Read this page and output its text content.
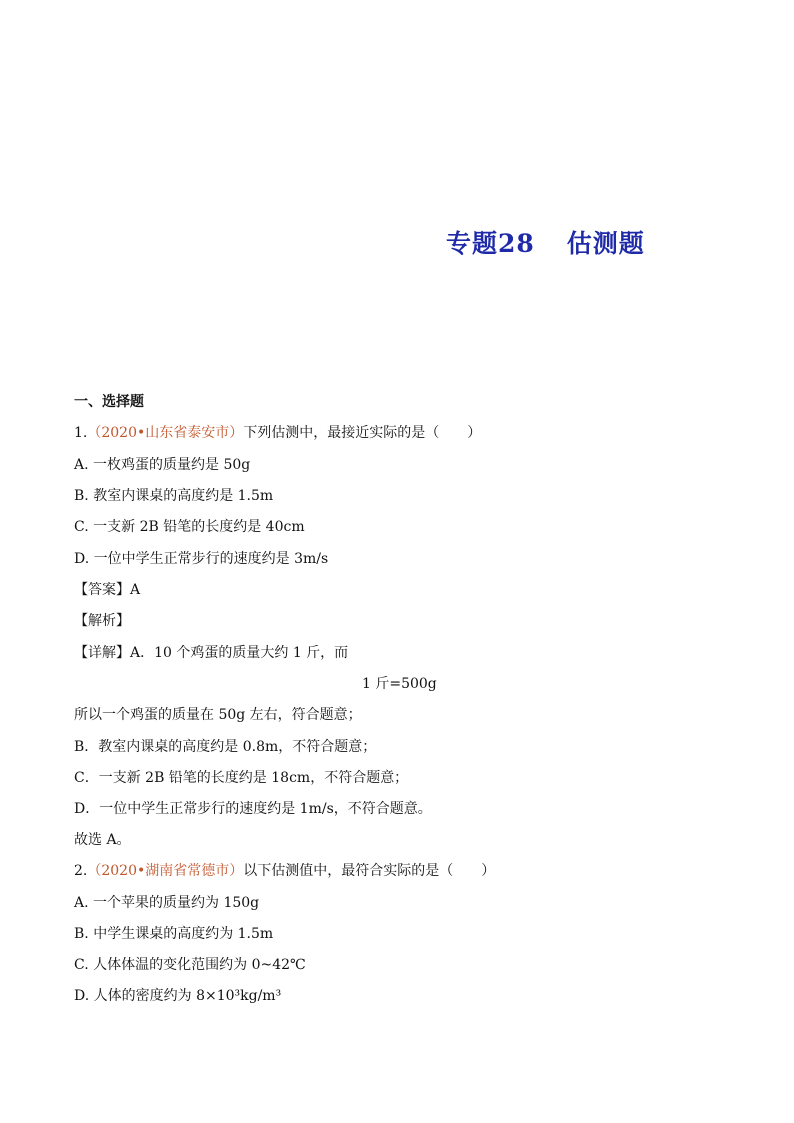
专题28 估测题
一、选择题
1.（2020•山东省泰安市）下列估测中，最接近实际的是（　　）
A. 一枚鸡蛋的质量约是 50g
B. 教室内课桌的高度约是 1.5m
C. 一支新 2B 铅笔的长度约是 40cm
D. 一位中学生正常步行的速度约是 3m/s
【答案】A
【解析】
【详解】A．10 个鸡蛋的质量大约 1 斤，而
1 斤=500g
所以一个鸡蛋的质量在 50g 左右，符合题意；
B．教室内课桌的高度约是 0.8m，不符合题意；
C．一支新 2B 铅笔的长度约是 18cm，不符合题意；
D．一位中学生正常步行的速度约是 1m/s，不符合题意。
故选 A。
2.（2020•湖南省常德市）以下估测值中，最符合实际的是（　　）
A. 一个苹果的质量约为 150g
B. 中学生课桌的高度约为 1.5m
C. 人体体温的变化范围约为 0~42℃
D. 人体的密度约为 8×10³kg/m³
